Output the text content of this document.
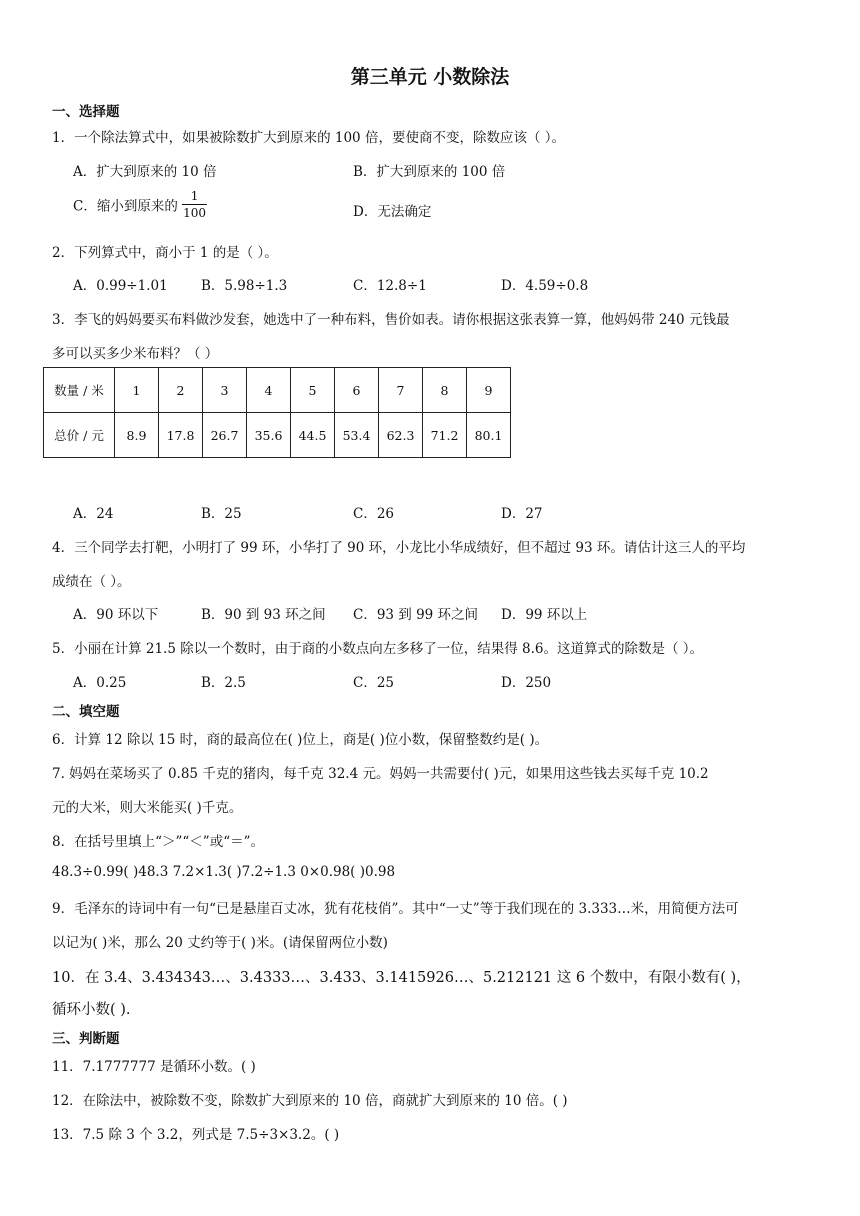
第三单元 小数除法
一、选择题
1．一个除法算式中，如果被除数扩大到原来的 100 倍，要使商不变，除数应该（ ）。
A．扩大到原来的 10 倍	B．扩大到原来的 100 倍
C．缩小到原来的 $\frac{1}{100}$	D．无法确定
2．下列算式中，商小于 1 的是（ ）。
A．0.99÷1.01 B．5.98÷1.3	C．12.8÷1	D．4.59÷0.8
3．李飞的妈妈要买布料做沙发套，她选中了一种布料，售价如表。请你根据这张表算一算，他妈妈带 240 元钱最
多可以买多少米布料？（ ）
数量 / 米	1	2	3	4	5	6	7	8	9
总价 / 元	8.9	17.8	26.7	35.6	44.5	53.4	62.3	71.2	80.1
A．24	B．25	C．26	D．27
4．三个同学去打靶，小明打了 99 环，小华打了 90 环，小龙比小华成绩好，但不超过 93 环。请估计这三人的平均
成绩在（ ）。
A．90 环以下	B．90 到 93 环之间 C．93 到 99 环之间 D．99 环以上
5．小丽在计算 21.5 除以一个数时，由于商的小数点向左多移了一位，结果得 8.6。这道算式的除数是（ ）。
A．0.25	B．2.5	C．25	D．250
二、填空题
6．计算 12 除以 15 时，商的最高位在( )位上，商是( )位小数，保留整数约是( )。
7. 妈妈在菜场买了 0.85 千克的猪肉，每千克 32.4 元。妈妈一共需要付( )元，如果用这些钱去买每千克 10.2
元的大米，则大米能买( )千克。
8．在括号里填上“＞”“＜”或“＝”。
48.3÷0.99( )48.3 7.2×1.3( )7.2÷1.3 0×0.98( )0.98
9．毛泽东的诗词中有一句“已是悬崖百丈冰，犹有花枝俏”。其中“一丈”等于我们现在的 3.333…米，用简便方法可
以记为( )米，那么 20 丈约等于( )米。(请保留两位小数)
10．在 3.4、3.434343…、3.4333…、3.433、3.1415926…、5.212121 这 6 个数中，有限小数有( )，
循环小数( ).
三、判断题
11．7.1777777 是循环小数。( )
12．在除法中，被除数不变，除数扩大到原来的 10 倍，商就扩大到原来的 10 倍。( )
13．7.5 除 3 个 3.2，列式是 7.5÷3×3.2。( )
